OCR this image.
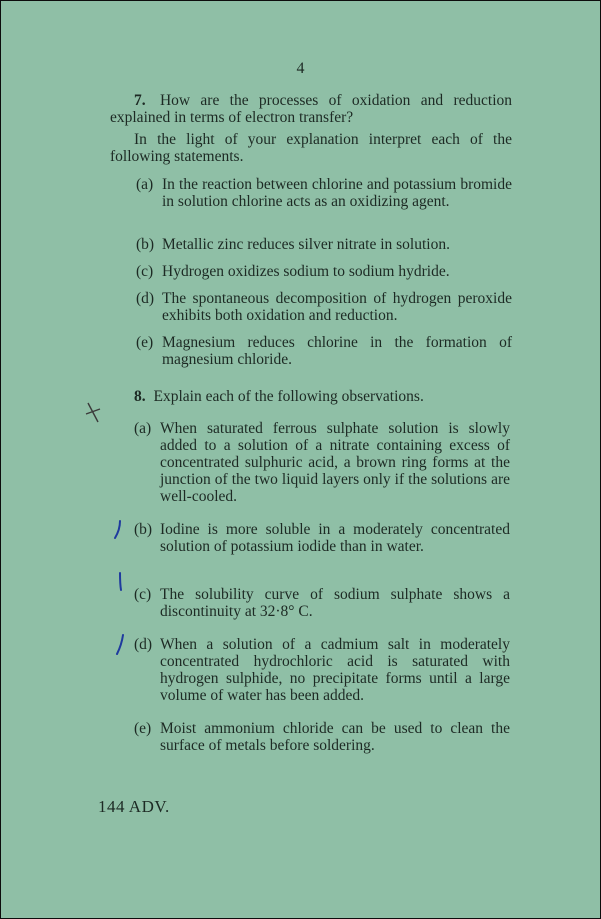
4
7. How are the processes of oxidation and reduction explained in terms of electron transfer?
In the light of your explanation interpret each of the following statements.
(a) In the reaction between chlorine and potassium bromide in solution chlorine acts as an oxidizing agent.
(b) Metallic zinc reduces silver nitrate in solution.
(c) Hydrogen oxidizes sodium to sodium hydride.
(d) The spontaneous decomposition of hydrogen peroxide exhibits both oxidation and reduction.
(e) Magnesium reduces chlorine in the formation of magnesium chloride.
8. Explain each of the following observations.
(a) When saturated ferrous sulphate solution is slowly added to a solution of a nitrate containing excess of concentrated sulphuric acid, a brown ring forms at the junction of the two liquid layers only if the solutions are well-cooled.
(b) Iodine is more soluble in a moderately concentrated solution of potassium iodide than in water.
(c) The solubility curve of sodium sulphate shows a discontinuity at 32·8° C.
(d) When a solution of a cadmium salt in moderately concentrated hydrochloric acid is saturated with hydrogen sulphide, no precipitate forms until a large volume of water has been added.
(e) Moist ammonium chloride can be used to clean the surface of metals before soldering.
144 ADV.
